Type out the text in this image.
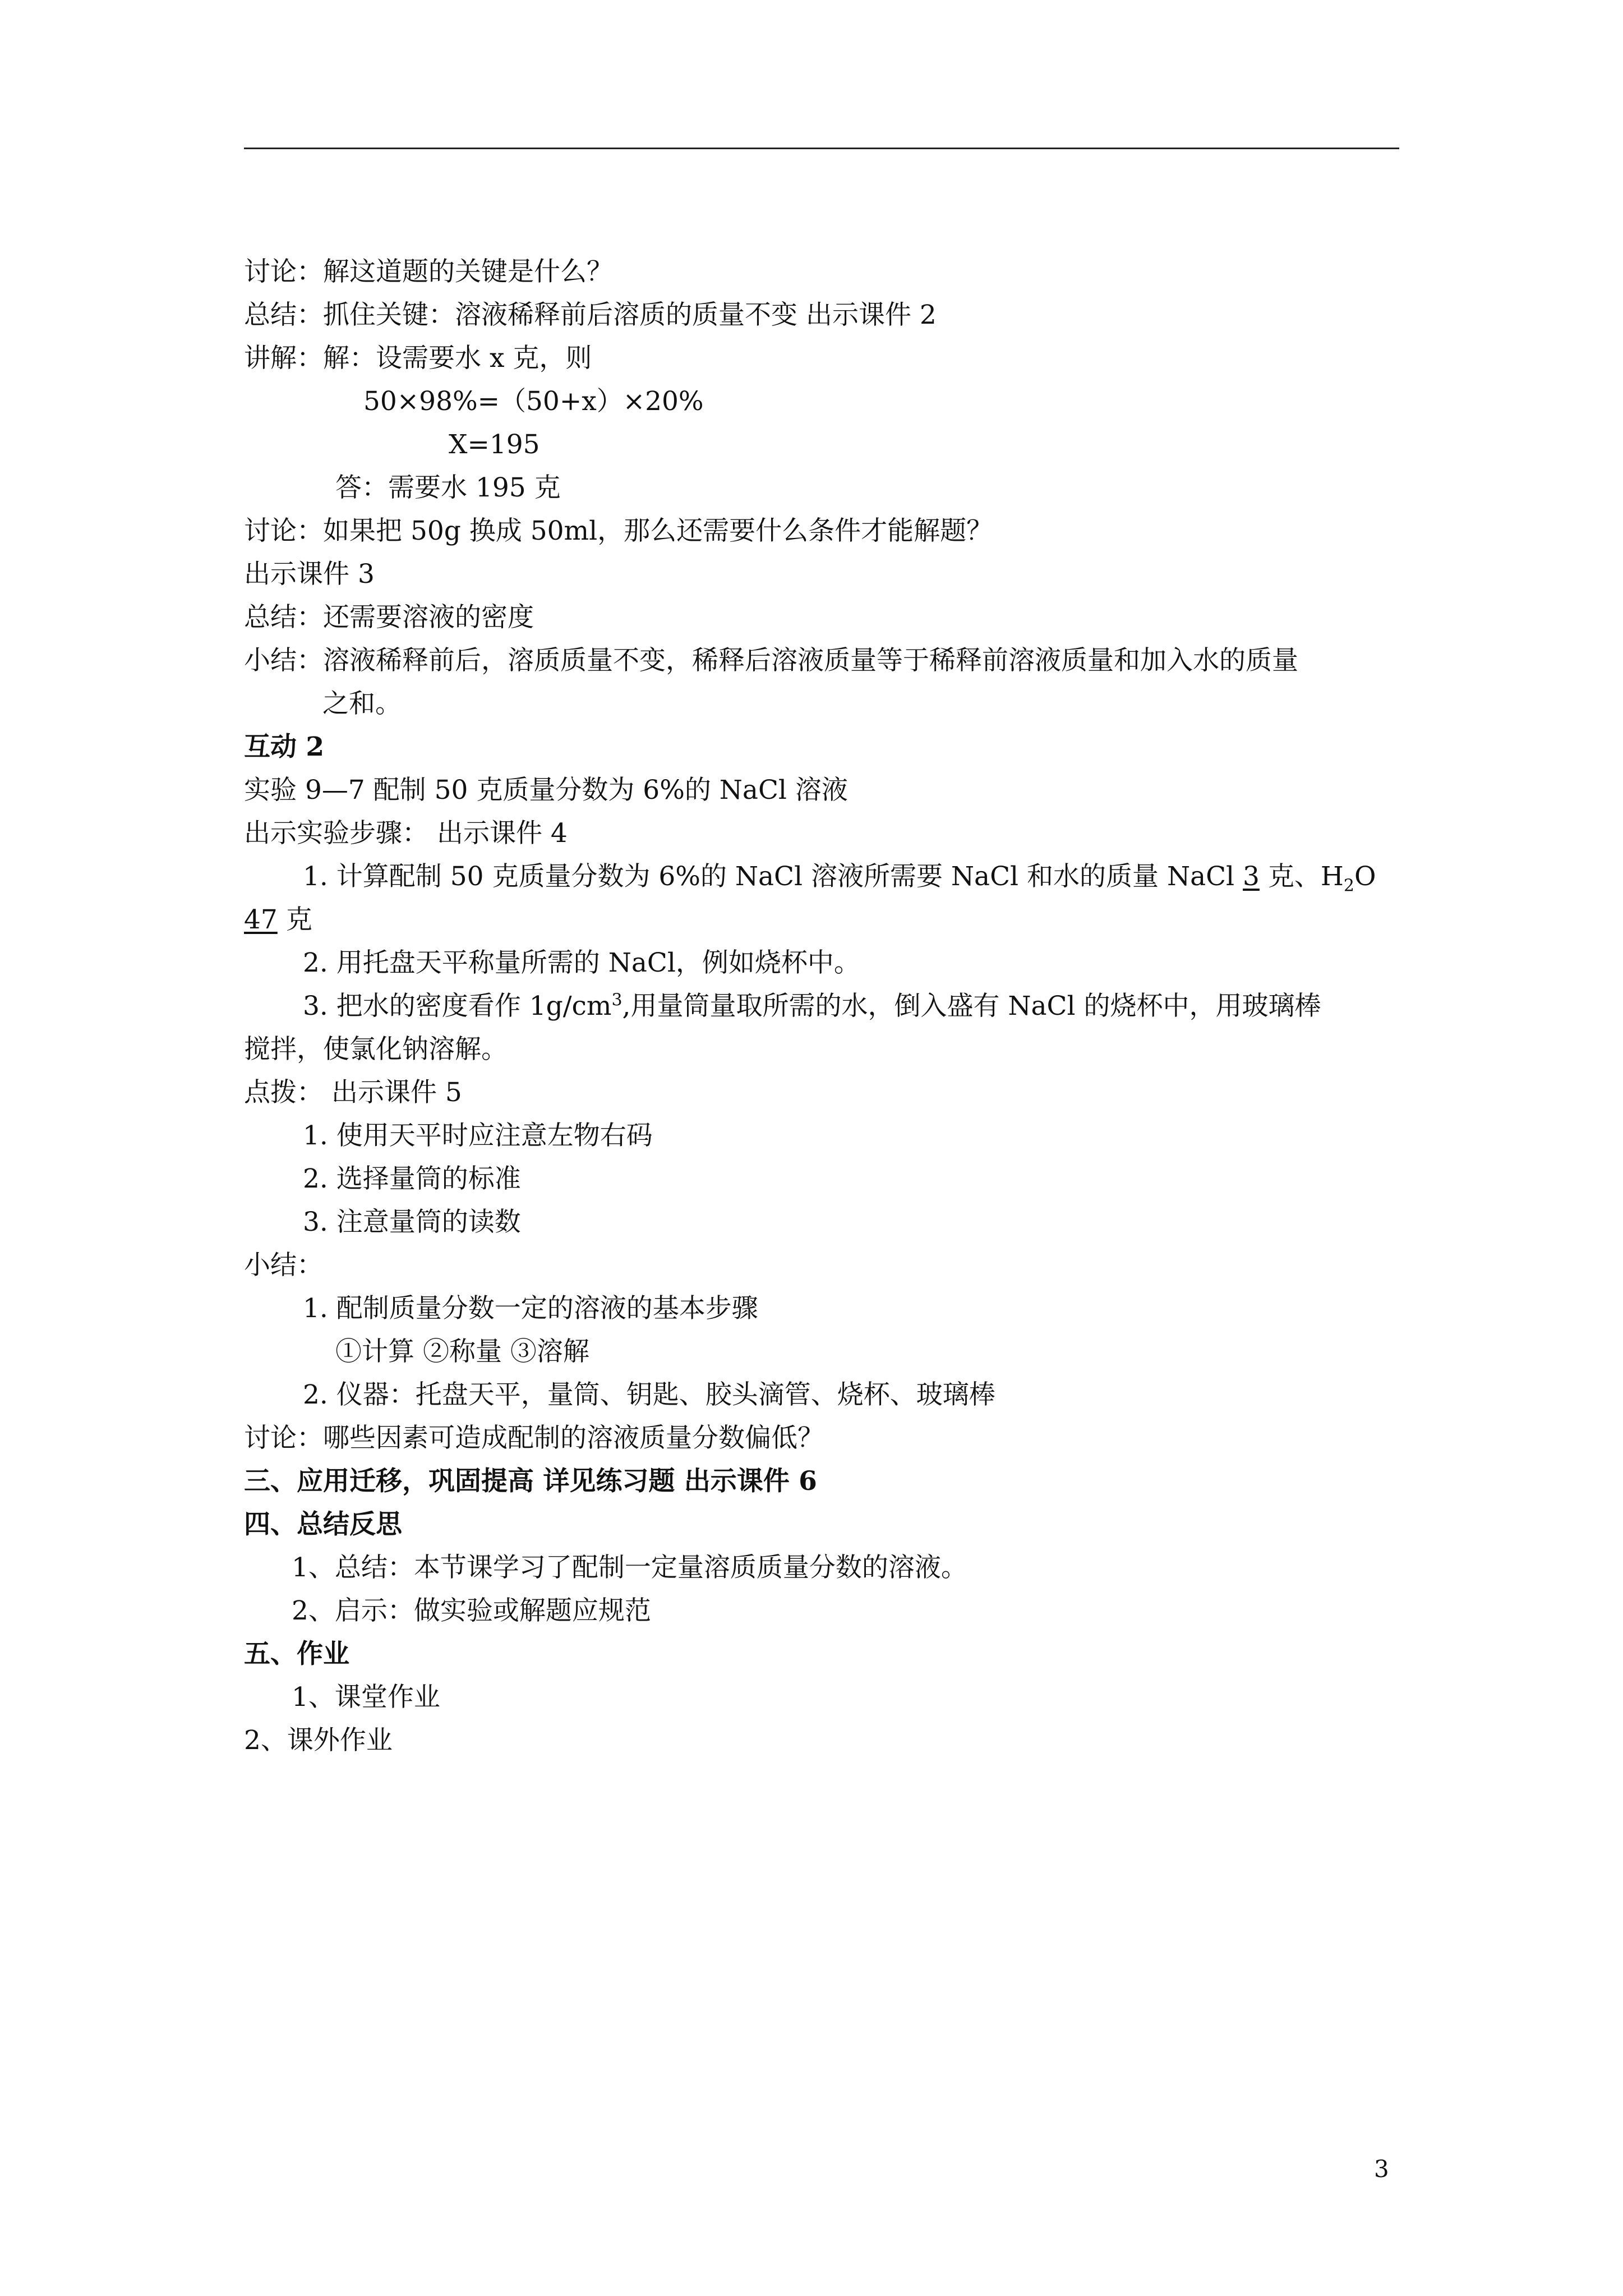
讨论：解这道题的关键是什么？
总结：抓住关键：溶液稀释前后溶质的质量不变 出示课件 2
讲解：解：设需要水 x 克，则
50×98%=（50+x）×20%
X=195
答：需要水 195 克
讨论：如果把 50g 换成 50ml，那么还需要什么条件才能解题？
出示课件 3
总结：还需要溶液的密度
小结：溶液稀释前后，溶质质量不变，稀释后溶液质量等于稀释前溶液质量和加入水的质量
之和。
互动 2
实验 9—7 配制 50 克质量分数为 6%的 NaCl 溶液
出示实验步骤： 出示课件 4
1. 计算配制 50 克质量分数为 6%的 NaCl 溶液所需要 NaCl 和水的质量 NaCl 3 克、$H_2O$
47 克
2. 用托盘天平称量所需的 NaCl，例如烧杯中。
3. 把水的密度看作 $1g/cm^3$,用量筒量取所需的水，倒入盛有 NaCl 的烧杯中，用玻璃棒
搅拌，使氯化钠溶解。
点拨： 出示课件 5
1. 使用天平时应注意左物右码
2. 选择量筒的标准
3. 注意量筒的读数
小结：
1. 配制质量分数一定的溶液的基本步骤
①计算 ②称量 ③溶解
2. 仪器：托盘天平，量筒、钥匙、胶头滴管、烧杯、玻璃棒
讨论：哪些因素可造成配制的溶液质量分数偏低？
三、应用迁移，巩固提高 详见练习题 出示课件 6
四、总结反思
1、总结：本节课学习了配制一定量溶质质量分数的溶液。
2、启示：做实验或解题应规范
五、作业
1、课堂作业
2、课外作业
3
